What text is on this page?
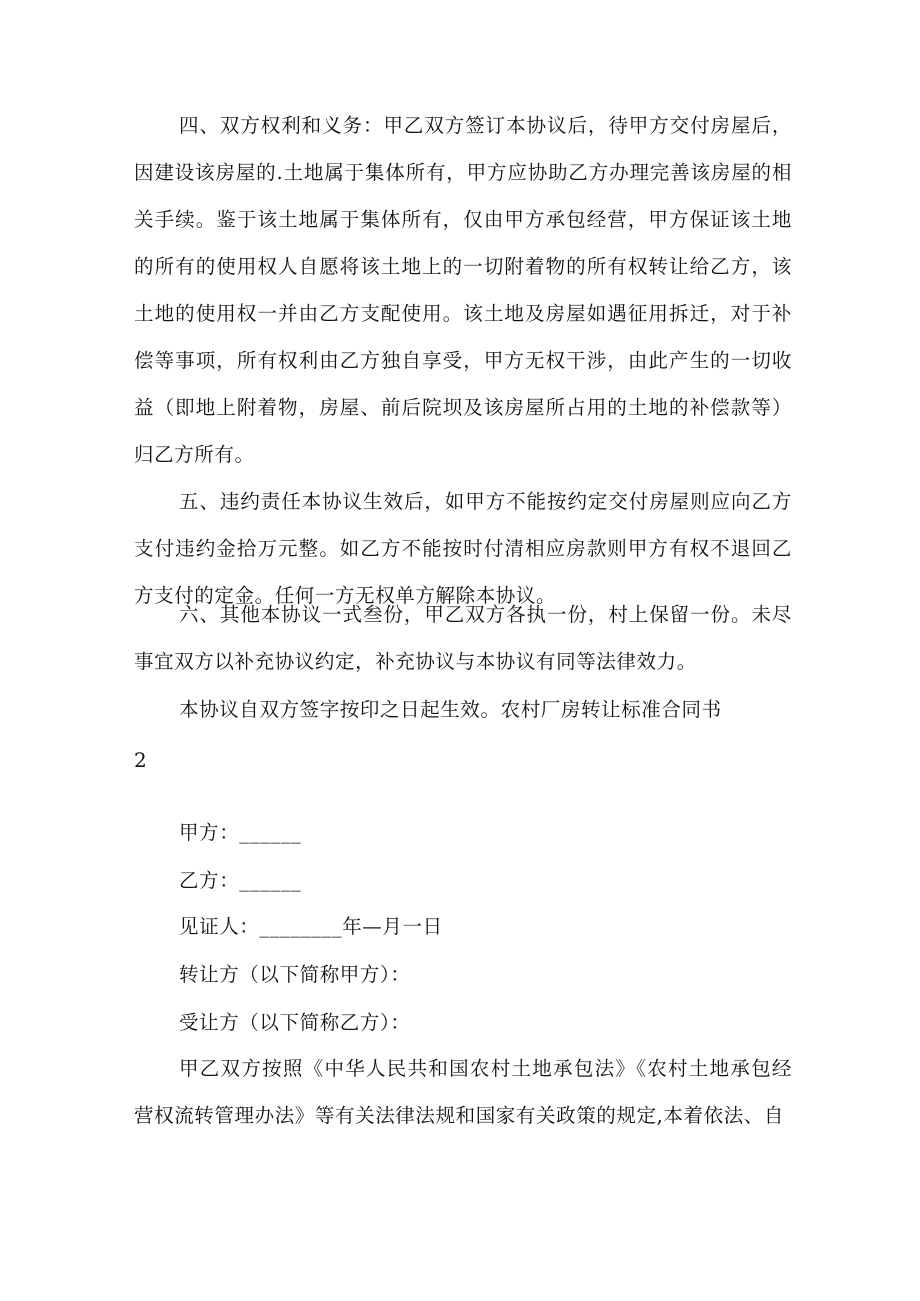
四、双方权利和义务：甲乙双方签订本协议后，待甲方交付房屋后，因建设该房屋的.土地属于集体所有，甲方应协助乙方办理完善该房屋的相关手续。鉴于该土地属于集体所有，仅由甲方承包经营，甲方保证该土地的所有的使用权人自愿将该土地上的一切附着物的所有权转让给乙方，该土地的使用权一并由乙方支配使用。该土地及房屋如遇征用拆迁，对于补偿等事项，所有权利由乙方独自享受，甲方无权干涉，由此产生的一切收益（即地上附着物，房屋、前后院坝及该房屋所占用的土地的补偿款等）归乙方所有。

五、违约责任本协议生效后，如甲方不能按约定交付房屋则应向乙方支付违约金拾万元整。如乙方不能按时付清相应房款则甲方有权不退回乙方支付的定金。任何一方无权单方解除本协议。

六、其他本协议一式叁份，甲乙双方各执一份，村上保留一份。未尽事宜双方以补充协议约定，补充协议与本协议有同等法律效力。

本协议自双方签字按印之日起生效。农村厂房转让标准合同书

2

甲方：______

乙方：______

见证人：________年—月一日

转让方（以下简称甲方）：

受让方（以下简称乙方）：

甲乙双方按照《中华人民共和国农村土地承包法》《农村土地承包经营权流转管理办法》等有关法律法规和国家有关政策的规定,本着依法、自
